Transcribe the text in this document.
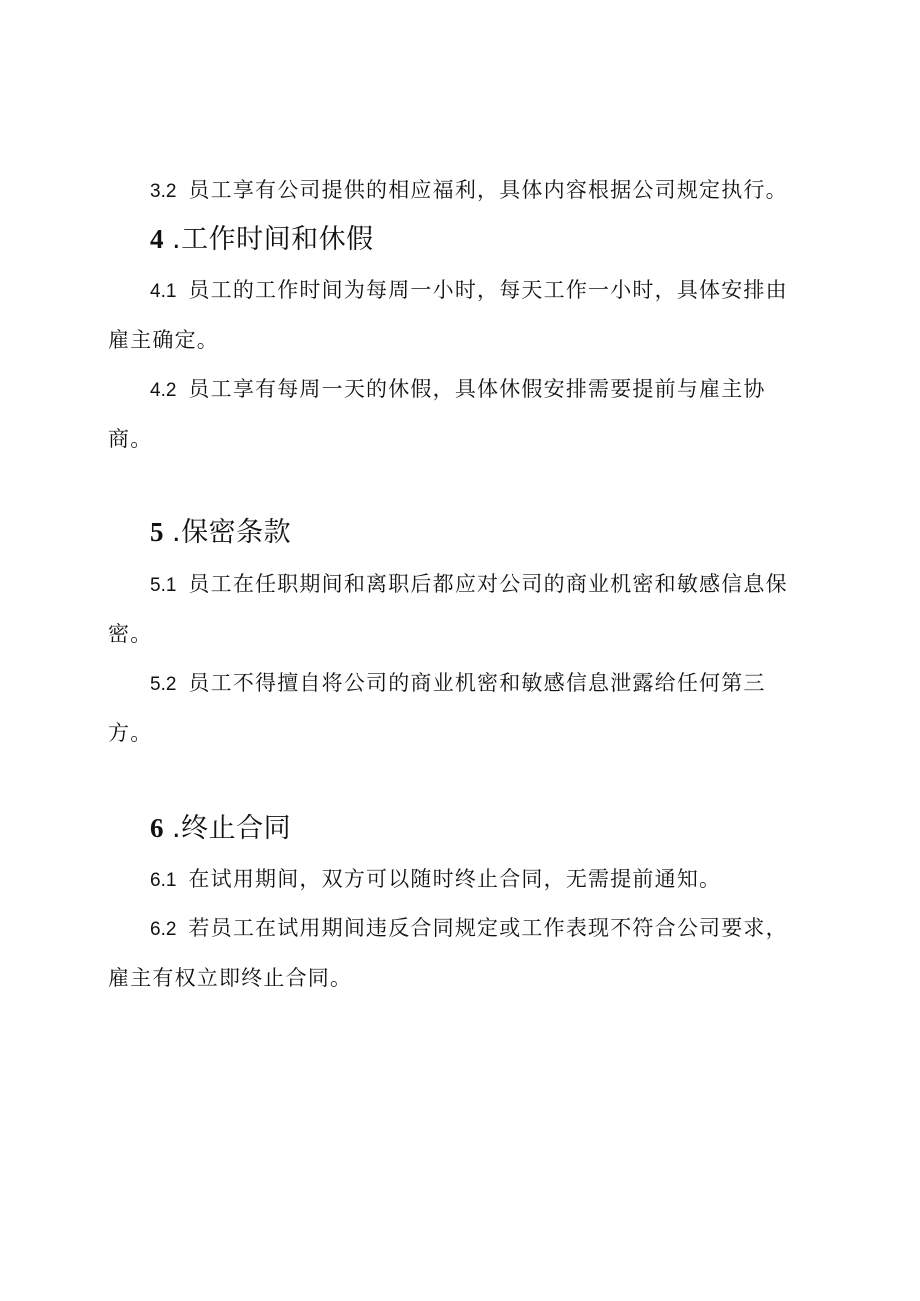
3.2 员工享有公司提供的相应福利，具体内容根据公司规定执行。

4 .工作时间和休假

4.1 员工的工作时间为每周一小时，每天工作一小时，具体安排由雇主确定。

4.2 员工享有每周一天的休假，具体休假安排需要提前与雇主协商。

5 .保密条款

5.1 员工在任职期间和离职后都应对公司的商业机密和敏感信息保密。

5.2 员工不得擅自将公司的商业机密和敏感信息泄露给任何第三方。

6 .终止合同

6.1 在试用期间，双方可以随时终止合同，无需提前通知。

6.2 若员工在试用期间违反合同规定或工作表现不符合公司要求，雇主有权立即终止合同。
